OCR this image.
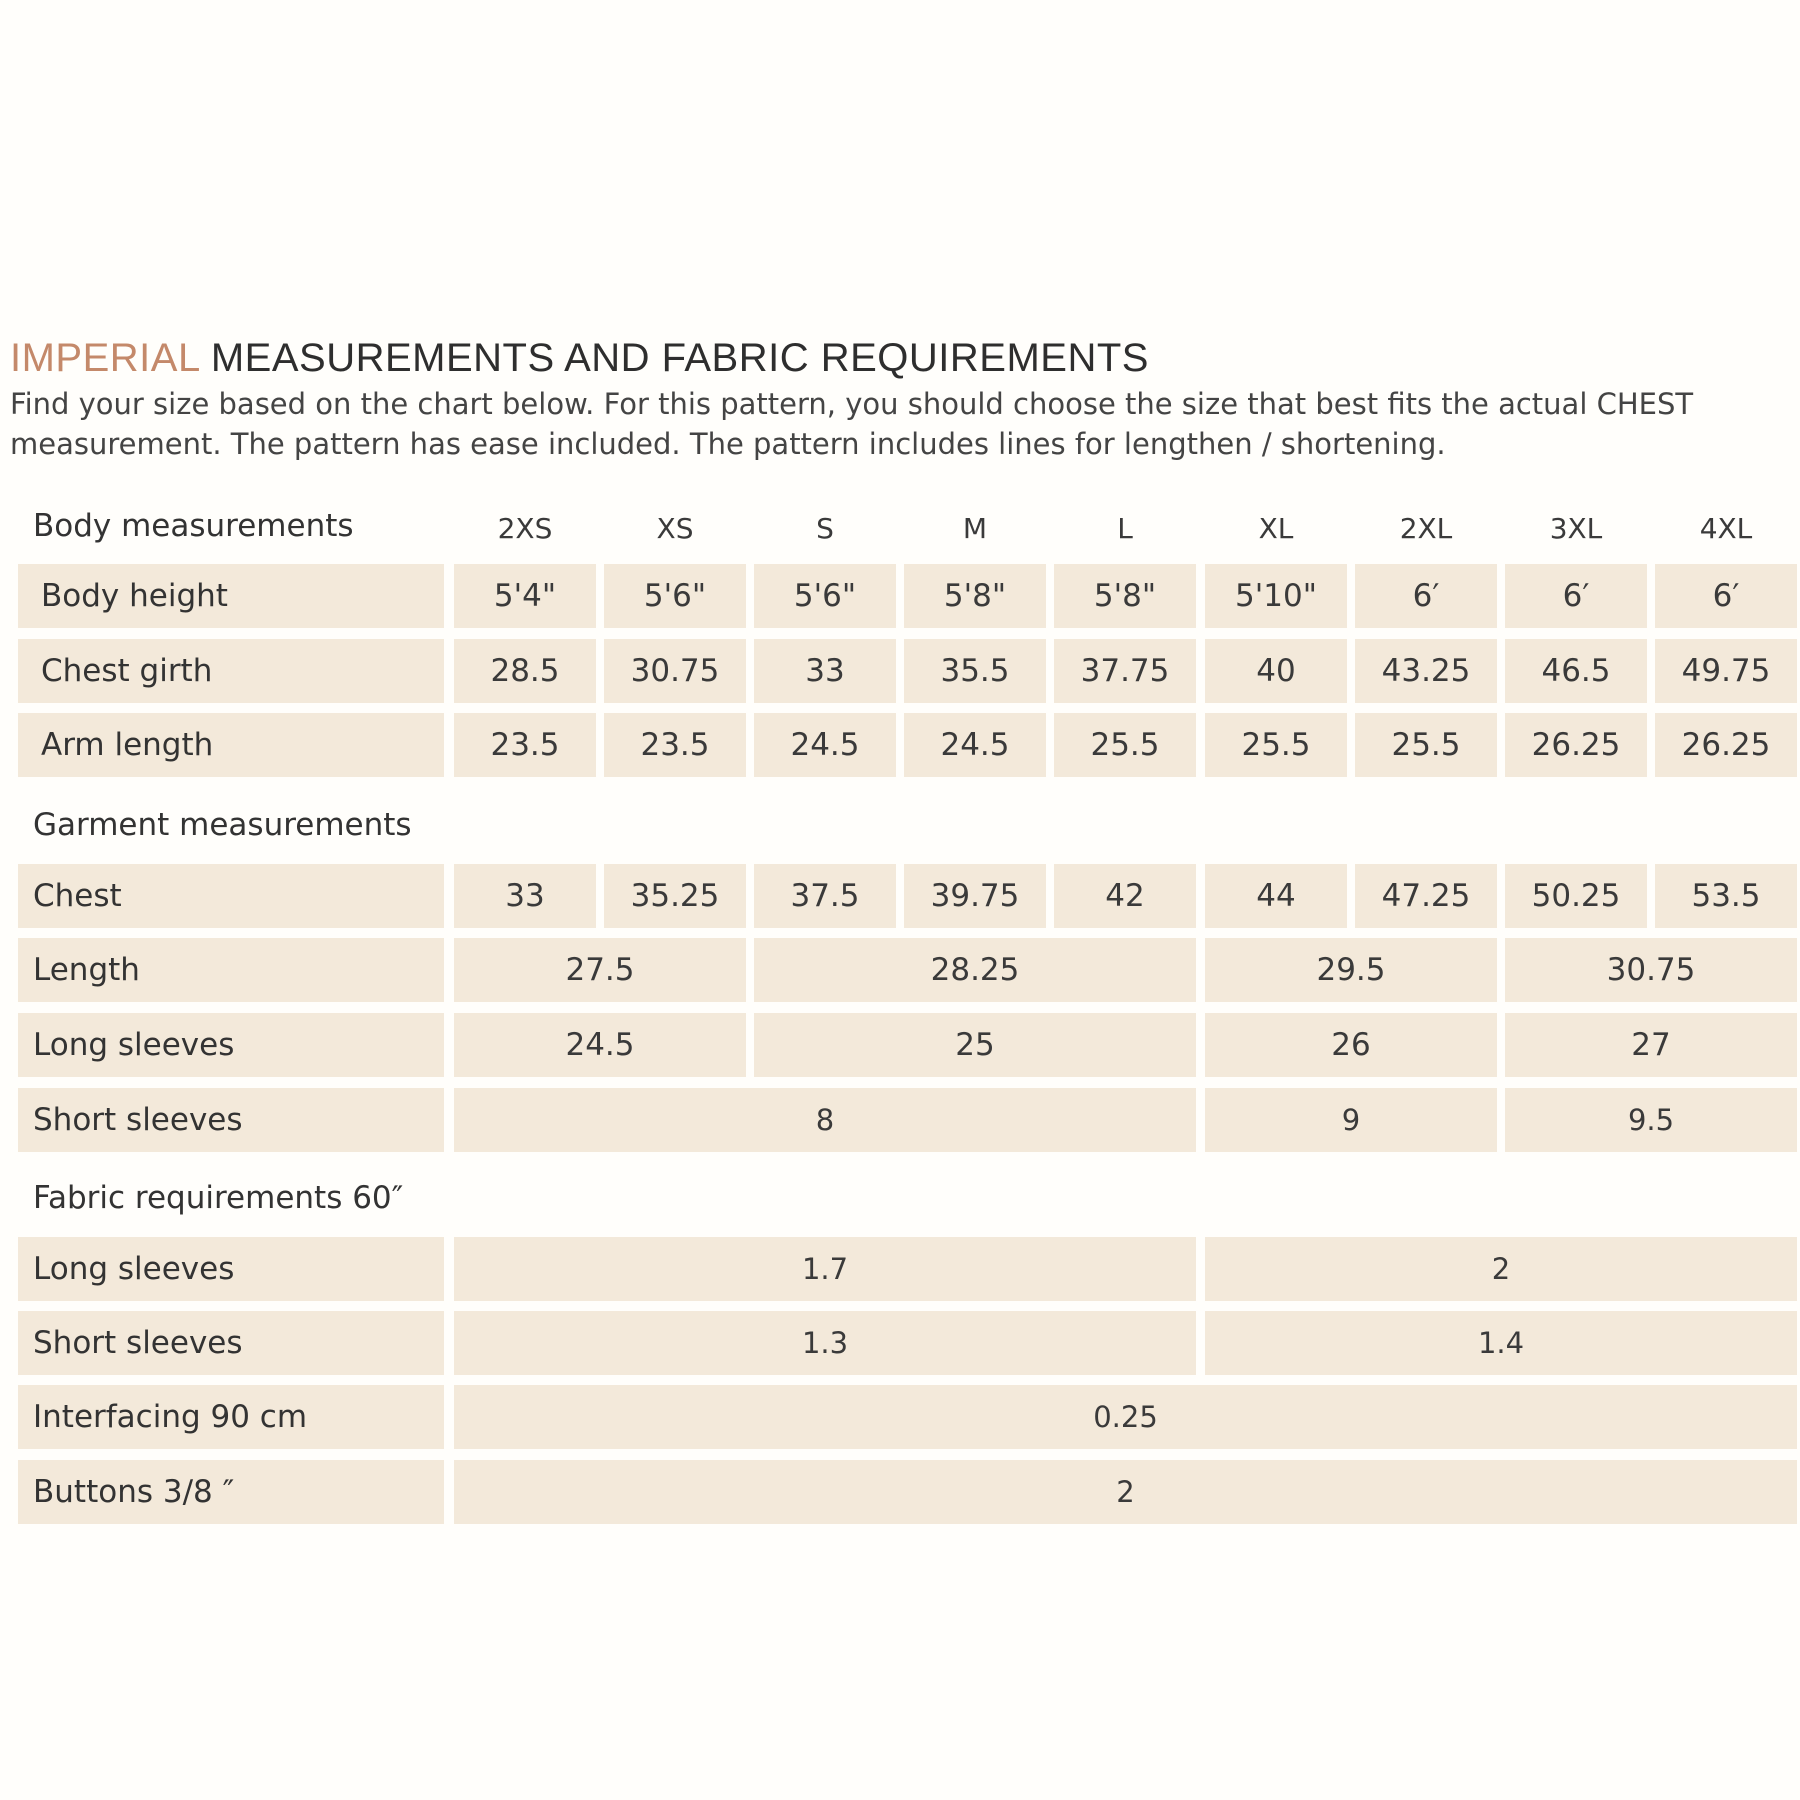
IMPERIAL MEASUREMENTS AND FABRIC REQUIREMENTS

Find your size based on the chart below. For this pattern, you should choose the size that best fits the actual CHEST measurement. The pattern has ease included. The pattern includes lines for lengthen / shortening.

Body measurements
Garment measurements
Fabric requirements 60″
2XS	XS	S	M	L	XL	2XL	3XL	4XL
Body height	5'4"	5'6"	5'6"	5'8"	5'8"	5'10"	6′	6′	6′
Chest girth	28.5	30.75	33	35.5	37.75	40	43.25	46.5	49.75
Arm length	23.5	23.5	24.5	24.5	25.5	25.5	25.5	26.25	26.25
Chest	33	35.25	37.5	39.75	42	44	47.25	50.25	53.5
Length	27.5	28.25	29.5	30.75
Long sleeves	24.5	25	26	27
Short sleeves	8	9	9.5
Long sleeves	1.7	2
Short sleeves	1.3	1.4
Interfacing 90 cm	0.25
Buttons 3/8 ″	2
